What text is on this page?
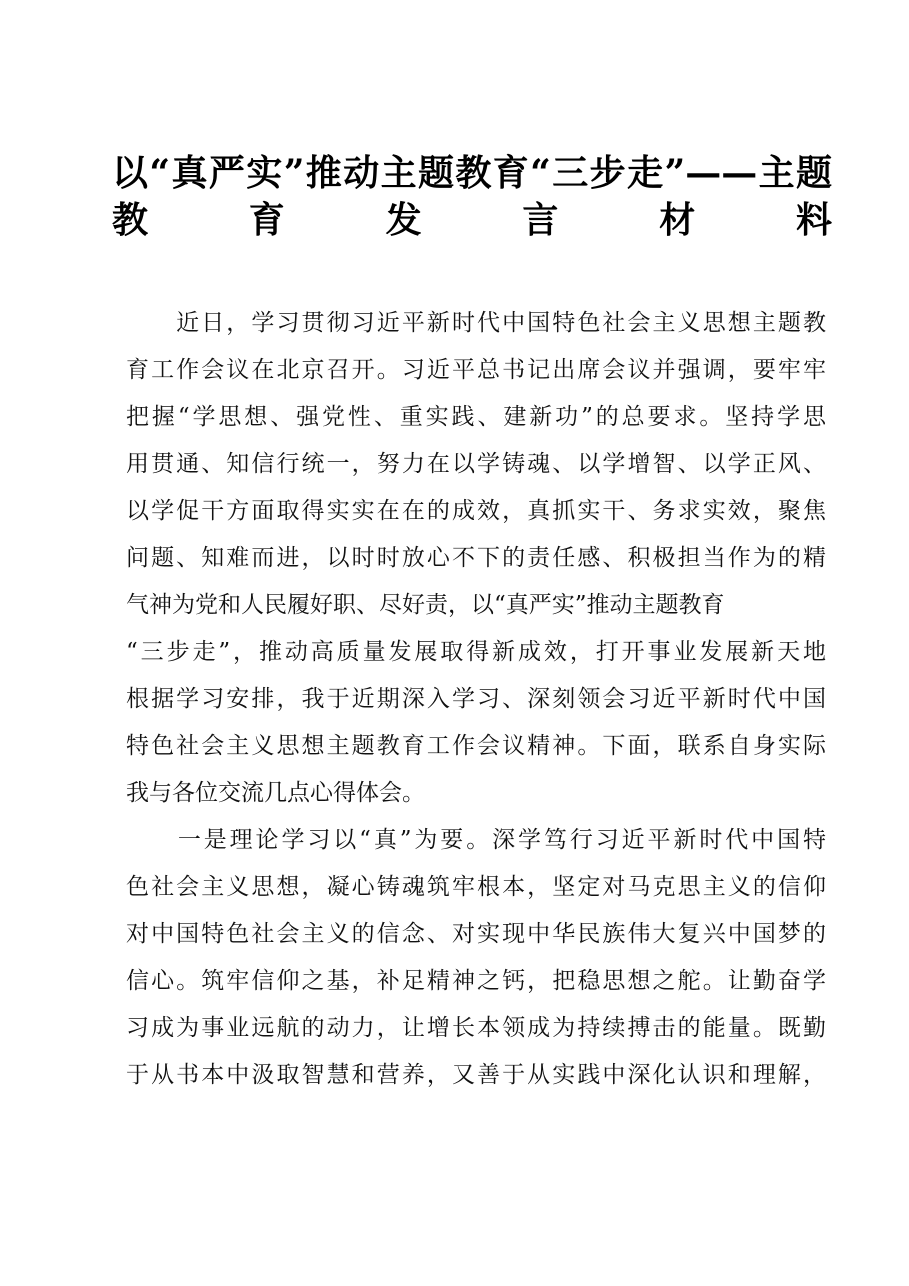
以“真严实”推动主题教育“三步走”——主题
教育发言材料
　　近日，学习贯彻习近平新时代中国特色社会主义思想主题教
育工作会议在北京召开。习近平总书记出席会议并强调，要牢牢
把握“学思想、强党性、重实践、建新功”的总要求。坚持学思
用贯通、知信行统一，努力在以学铸魂、以学增智、以学正风、
以学促干方面取得实实在在的成效，真抓实干、务求实效，聚焦
问题、知难而进，以时时放心不下的责任感、积极担当作为的精
气神为党和人民履好职、尽好责，以“真严实”推动主题教育
“三步走”，推动高质量发展取得新成效，打开事业发展新天地
根据学习安排，我于近期深入学习、深刻领会习近平新时代中国
特色社会主义思想主题教育工作会议精神。下面，联系自身实际
我与各位交流几点心得体会。
　　一是理论学习以“真”为要。深学笃行习近平新时代中国特
色社会主义思想，凝心铸魂筑牢根本，坚定对马克思主义的信仰
对中国特色社会主义的信念、对实现中华民族伟大复兴中国梦的
信心。筑牢信仰之基，补足精神之钙，把稳思想之舵。让勤奋学
习成为事业远航的动力，让增长本领成为持续搏击的能量。既勤
于从书本中汲取智慧和营养，又善于从实践中深化认识和理解，
